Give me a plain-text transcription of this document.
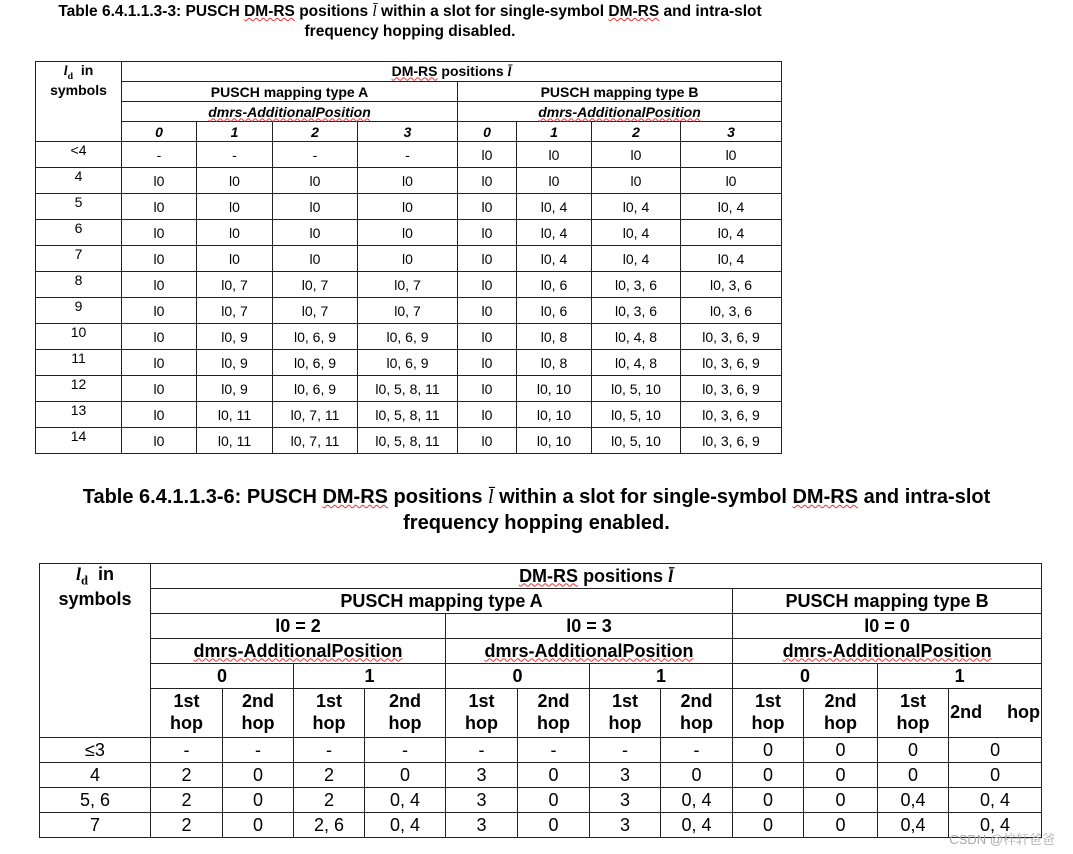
Table 6.4.1.1.3-3: PUSCH DM-RS positions l̄ within a slot for single-symbol DM-RS and intra-slot
frequency hopping disabled.
$l_d$  in
symbols	DM-RS positions l̄							
	PUSCH mapping type A				PUSCH mapping type B			
	dmrs-AdditionalPosition				dmrs-AdditionalPosition			
	0	1	2	3	0	1	2	3
<4	-	-	-	-	l0	l0	l0	l0
4	l0	l0	l0	l0	l0	l0	l0	l0
5	l0	l0	l0	l0	l0	l0, 4	l0, 4	l0, 4
6	l0	l0	l0	l0	l0	l0, 4	l0, 4	l0, 4
7	l0	l0	l0	l0	l0	l0, 4	l0, 4	l0, 4
8	l0	l0, 7	l0, 7	l0, 7	l0	l0, 6	l0, 3, 6	l0, 3, 6
9	l0	l0, 7	l0, 7	l0, 7	l0	l0, 6	l0, 3, 6	l0, 3, 6
10	l0	l0, 9	l0, 6, 9	l0, 6, 9	l0	l0, 8	l0, 4, 8	l0, 3, 6, 9
11	l0	l0, 9	l0, 6, 9	l0, 6, 9	l0	l0, 8	l0, 4, 8	l0, 3, 6, 9
12	l0	l0, 9	l0, 6, 9	l0, 5, 8, 11	l0	l0, 10	l0, 5, 10	l0, 3, 6, 9
13	l0	l0, 11	l0, 7, 11	l0, 5, 8, 11	l0	l0, 10	l0, 5, 10	l0, 3, 6, 9
14	l0	l0, 11	l0, 7, 11	l0, 5, 8, 11	l0	l0, 10	l0, 5, 10	l0, 3, 6, 9
Table 6.4.1.1.3-6: PUSCH DM-RS positions l̄ within a slot for single-symbol DM-RS and intra-slot
frequency hopping enabled.
$l_d$  in
symbols	DM-RS positions l̄											
	PUSCH mapping type A								PUSCH mapping type B			
	l0 = 2				l0 = 3				l0 = 0			
	dmrs-AdditionalPosition				dmrs-AdditionalPosition				dmrs-AdditionalPosition			
	0		1		0		1		0		1	
	1st hop	2nd hop	1st hop	2nd hop	1st hop	2nd hop	1st hop	2nd hop	1st hop	2nd hop	1st hop	2nd hop
≤3	-	-	-	-	-	-	-	-	0	0	0	0
4	2	0	2	0	3	0	3	0	0	0	0	0
5, 6	2	0	2	0, 4	3	0	3	0, 4	0	0	0,4	0, 4
7	2	0	2, 6	0, 4	3	0	3	0, 4	0	0	0,4	0, 4
CSDN @梓轩爸爸
